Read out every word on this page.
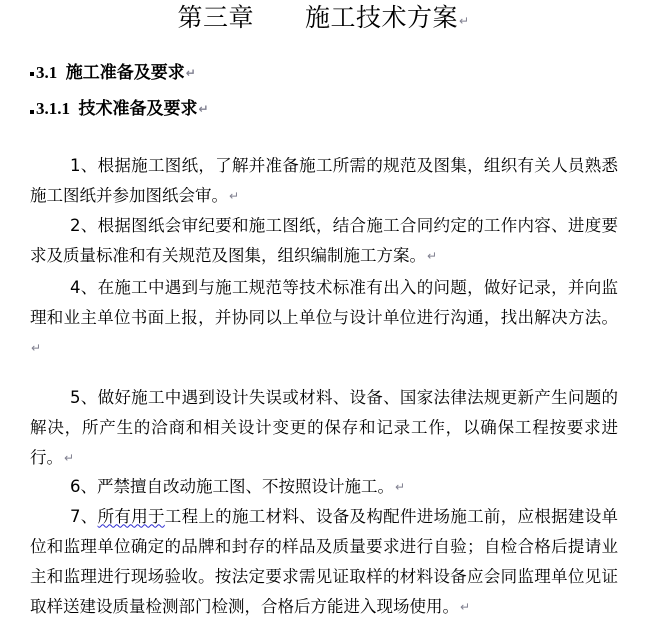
第三章　　施工技术方案↵
3.1  施工准备及要求↵
3.1.1  技术准备及要求↵

1、根据施工图纸，了解并准备施工所需的规范及图集，组织有关人员熟悉施工图纸并参加图纸会审。↵

2、根据图纸会审纪要和施工图纸，结合施工合同约定的工作内容、进度要求及质量标准和有关规范及图集，组织编制施工方案。↵

4、在施工中遇到与施工规范等技术标准有出入的问题，做好记录，并向监理和业主单位书面上报，并协同以上单位与设计单位进行沟通，找出解决方法。↵

5、做好施工中遇到设计失误或材料、设备、国家法律法规更新产生问题的解决，所产生的洽商和相关设计变更的保存和记录工作，以确保工程按要求进行。↵

6、严禁擅自改动施工图、不按照设计施工。↵

7、所有用于工程上的施工材料、设备及构配件进场施工前，应根据建设单位和监理单位确定的品牌和封存的样品及质量要求进行自验；自检合格后提请业主和监理进行现场验收。按法定要求需见证取样的材料设备应会同监理单位见证取样送建设质量检测部门检测，合格后方能进入现场使用。↵
